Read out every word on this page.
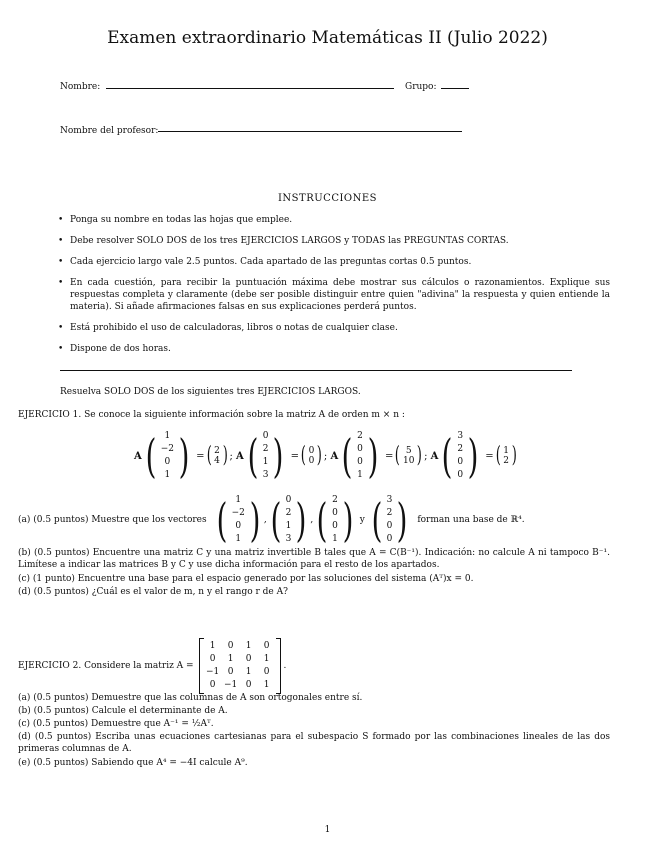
Examen extraordinario Matemáticas II (Julio 2022)
Nombre:	Grupo:
Nombre del profesor:
INSTRUCCIONES
• Ponga su nombre en todas las hojas que emplee.
• Debe resolver SOLO DOS de los tres EJERCICIOS LARGOS y TODAS las PREGUNTAS CORTAS.
• Cada ejercicio largo vale 2.5 puntos. Cada apartado de las preguntas cortas 0.5 puntos.
• En cada cuestión, para recibir la puntuación máxima debe mostrar sus cálculos o razonamientos. Explique sus respuestas completa y claramente (debe ser posible distinguir entre quien "adivina" la respuesta y quien entiende la materia). Si añade afirmaciones falsas en sus explicaciones perderá puntos.
• Está prohibido el uso de calculadoras, libros o notas de cualquier clase.
• Dispone de dos horas.
Resuelva SOLO DOS de los siguientes tres EJERCICIOS LARGOS.
EJERCICIO 1. Se conoce la siguiente información sobre la matriz A de orden m × n :
A ( 1
−2
0
1 ) = ( 2
4 ) ; A ( 0
2
1
3 ) = ( 0
0 ) ; A ( 2
0
0
1 ) = ( 5
10 ) ; A ( 3
2
0
0 ) = ( 1
2 )
(a) (0.5 puntos) Muestre que los vectores ( 1
−2
0
1 ) , ( 0
2
1
3 ) , ( 2
0
0
1 ) y ( 3
2
0
0 ) forman una base de ℝ⁴.
(b) (0.5 puntos) Encuentre una matriz C y una matriz invertible B tales que A = C(B⁻¹). Indicación: no calcule A ni tampoco B⁻¹. Limítese a indicar las matrices B y C y use dicha información para el resto de los apartados.
(c) (1 punto) Encuentre una base para el espacio generado por las soluciones del sistema (Aᵀ)x = 0.
(d) (0.5 puntos) ¿Cuál es el valor de m, n y el rango r de A?
EJERCICIO 2. Considere la matriz A =
1	0	1	0
0	1	0	1
−1 0	1	0
0 −1 0	1
.
(a) (0.5 puntos) Demuestre que las columnas de A son ortogonales entre sí.
(b) (0.5 puntos) Calcule el determinante de A.
(c) (0.5 puntos) Demuestre que A⁻¹ = ½Aᵀ.
(d) (0.5 puntos) Escriba unas ecuaciones cartesianas para el subespacio S formado por las combinaciones lineales de las dos primeras columnas de A.
(e) (0.5 puntos) Sabiendo que A⁴ = −4I calcule A⁹.
1
